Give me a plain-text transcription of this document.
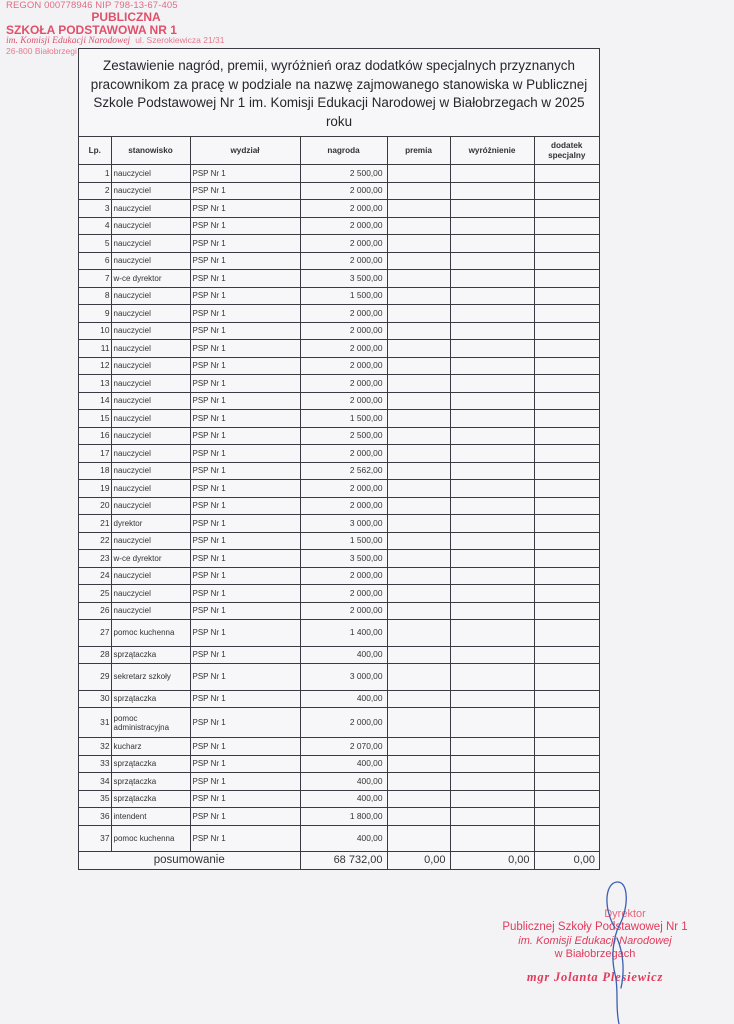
REGON 000778946 NIP 798-13-67-405
PUBLICZNA
SZKOŁA PODSTAWOWA NR 1
im. Komisji Edukacji Narodowej ul. Szerokiewicza 21/31
26-800 Białobrzegi
Zestawienie nagród, premii, wyróżnień oraz dodatków specjalnych przyznanych pracownikom za pracę w podziale na nazwę zajmowanego stanowiska w Publicznej Szkole Podstawowej Nr 1 im. Komisji Edukacji Narodowej w Białobrzegach w 2025 roku
Lp.	stanowisko	wydział	nagroda	premia	wyróżnienie	dodatek specjalny
1	nauczyciel	PSP Nr 1	2 500,00			
2	nauczyciel	PSP Nr 1	2 000,00			
3	nauczyciel	PSP Nr 1	2 000,00			
4	nauczyciel	PSP Nr 1	2 000,00			
5	nauczyciel	PSP Nr 1	2 000,00			
6	nauczyciel	PSP Nr 1	2 000,00			
7	w-ce dyrektor	PSP Nr 1	3 500,00			
8	nauczyciel	PSP Nr 1	1 500,00			
9	nauczyciel	PSP Nr 1	2 000,00			
10	nauczyciel	PSP Nr 1	2 000,00			
11	nauczyciel	PSP Nr 1	2 000,00			
12	nauczyciel	PSP Nr 1	2 000,00			
13	nauczyciel	PSP Nr 1	2 000,00			
14	nauczyciel	PSP Nr 1	2 000,00			
15	nauczyciel	PSP Nr 1	1 500,00			
16	nauczyciel	PSP Nr 1	2 500,00			
17	nauczyciel	PSP Nr 1	2 000,00			
18	nauczyciel	PSP Nr 1	2 562,00			
19	nauczyciel	PSP Nr 1	2 000,00			
20	nauczyciel	PSP Nr 1	2 000,00			
21	dyrektor	PSP Nr 1	3 000,00			
22	nauczyciel	PSP Nr 1	1 500,00			
23	w-ce dyrektor	PSP Nr 1	3 500,00			
24	nauczyciel	PSP Nr 1	2 000,00			
25	nauczyciel	PSP Nr 1	2 000,00			
26	nauczyciel	PSP Nr 1	2 000,00			
27	pomoc kuchenna	PSP Nr 1	1 400,00			
28	sprzątaczka	PSP Nr 1	400,00			
29	sekretarz szkoły	PSP Nr 1	3 000,00			
30	sprzątaczka	PSP Nr 1	400,00			
31	pomoc administracyjna	PSP Nr 1	2 000,00			
32	kucharz	PSP Nr 1	2 070,00			
33	sprzątaczka	PSP Nr 1	400,00			
34	sprzątaczka	PSP Nr 1	400,00			
35	sprzątaczka	PSP Nr 1	400,00			
36	intendent	PSP Nr 1	1 800,00			
37	pomoc kuchenna	PSP Nr 1	400,00			
posumowanie			68 732,00	0,00	0,00	0,00
Dyrektor
Publicznej Szkoły Podstawowej Nr 1
im. Komisji Edukacji Narodowej
w Białobrzegach
mgr Jolanta Plesiewicz
